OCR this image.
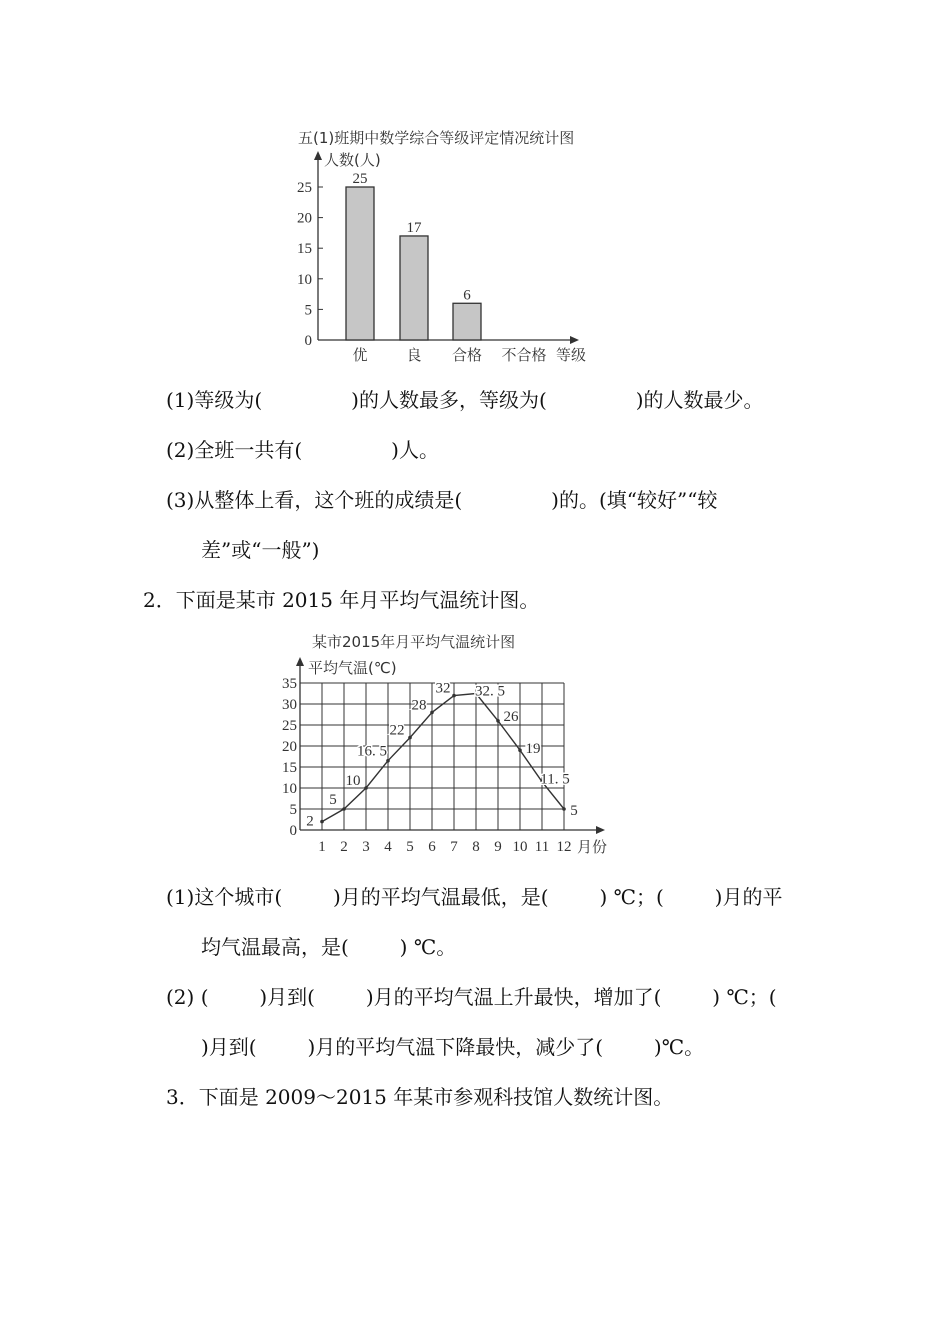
五(1)班期中数学综合等级评定情况统计图
人数(人)
等级
0
5
10
15
20
25
25
优
17
良
6
合格 不合格
(1)等级为(              )的人数最多，等级为(              )的人数最少。
(2)全班一共有(              )人。
(3)从整体上看，这个班的成绩是(              )的。(填“较好”“较
差”或“一般”)
2．下面是某市 2015 年月平均气温统计图。
某市2015年月平均气温统计图
平均气温(℃)
月份
0
5
10
15
20
25
30
35
1 2 3 4 5 6 7 8 9 10 11 12
2
5
10
16. 5
22
28
32 32. 5
26
19
11. 5
5
(1)这个城市(        )月的平均气温最低，是(        ) ℃；(        )月的平
均气温最高，是(        ) ℃。
(2) (        )月到(        )月的平均气温上升最快，增加了(        ) ℃；(
)月到(        )月的平均气温下降最快，减少了(        )℃。
3．下面是 2009～2015 年某市参观科技馆人数统计图。
